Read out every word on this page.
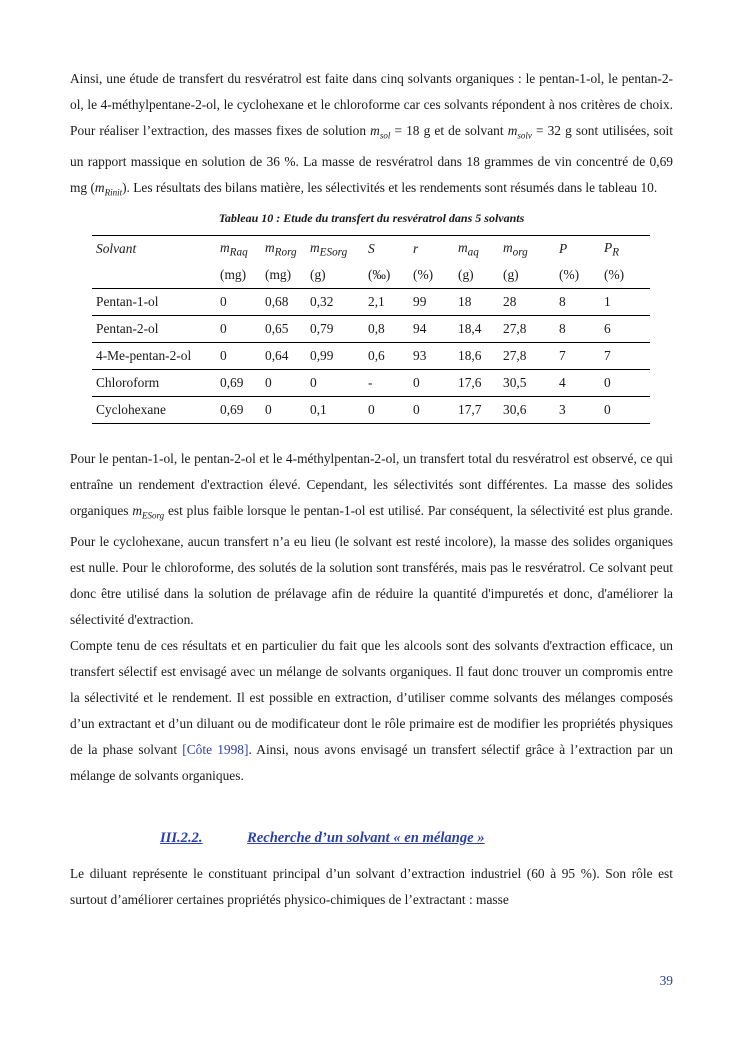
Ainsi, une étude de transfert du resvératrol est faite dans cinq solvants organiques : le pentan-1-ol, le pentan-2-ol, le 4-méthylpentane-2-ol, le cyclohexane et le chloroforme car ces solvants répondent à nos critères de choix. Pour réaliser l’extraction, des masses fixes de solution $m_{sol} = 18$ g et de solvant $m_{solv} = 32$ g sont utilisées, soit un rapport massique en solution de 36 %. La masse de resvératrol dans 18 grammes de vin concentré de 0,69 mg $(m_{Rinit})$. Les résultats des bilans matière, les sélectivités et les rendements sont résumés dans le tableau 10.

Tableau 10 : Etude du transfert du resvératrol dans 5 solvants
Solvant	$m_{Raq}$	$m_{Rorg}$	$m_{ESorg}$	S	r	$m_{aq}$	$m_{org}$	P	$P_R$
	(mg)	(mg)	(g)	(‰)	(%)	(g)	(g)	(%)	(%)
Pentan-1-ol	0	0,68	0,32	2,1	99	18	28	8	1
Pentan-2-ol	0	0,65	0,79	0,8	94	18,4	27,8	8	6
4-Me-pentan-2-ol	0	0,64	0,99	0,6	93	18,6	27,8	7	7
Chloroform	0,69	0	0	-	0	17,6	30,5	4	0
Cyclohexane	0,69	0	0,1	0	0	17,7	30,6	3	0

Pour le pentan-1-ol, le pentan-2-ol et le 4-méthylpentan-2-ol, un transfert total du resvératrol est observé, ce qui entraîne un rendement d'extraction élevé. Cependant, les sélectivités sont différentes. La masse des solides organiques $m_{ESorg}$ est plus faible lorsque le pentan-1-ol est utilisé. Par conséquent, la sélectivité est plus grande. Pour le cyclohexane, aucun transfert n’a eu lieu (le solvant est resté incolore), la masse des solides organiques est nulle. Pour le chloroforme, des solutés de la solution sont transférés, mais pas le resvératrol. Ce solvant peut donc être utilisé dans la solution de prélavage afin de réduire la quantité d'impuretés et donc, d'améliorer la sélectivité d'extraction.

Compte tenu de ces résultats et en particulier du fait que les alcools sont des solvants d'extraction efficace, un transfert sélectif est envisagé avec un mélange de solvants organiques. Il faut donc trouver un compromis entre la sélectivité et le rendement. Il est possible en extraction, d’utiliser comme solvants des mélanges composés d’un extractant et d’un diluant ou de modificateur dont le rôle primaire est de modifier les propriétés physiques de la phase solvant [Côte 1998]. Ainsi, nous avons envisagé un transfert sélectif grâce à l’extraction par un mélange de solvants organiques.

III.2.2.	Recherche d’un solvant « en mélange »

Le diluant représente le constituant principal d’un solvant d’extraction industriel (60 à 95 %). Son rôle est surtout d’améliorer certaines propriétés physico-chimiques de l’extractant : masse

39
